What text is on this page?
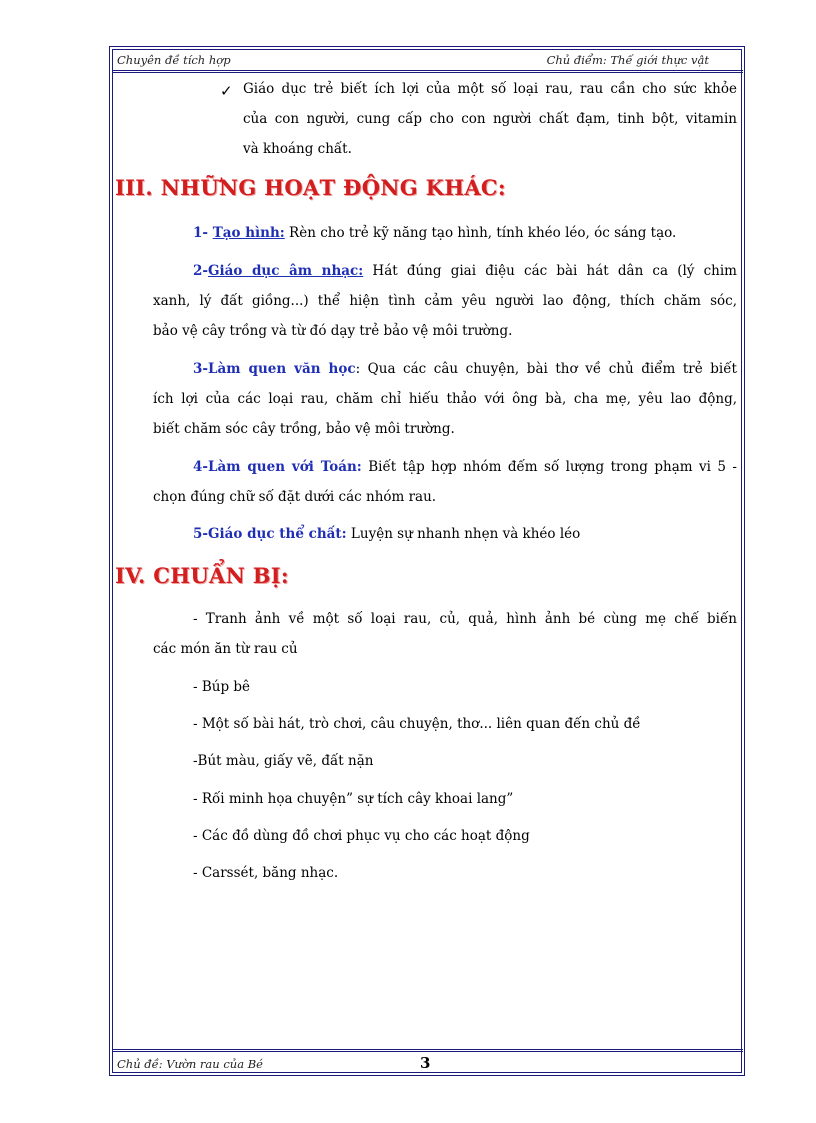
Chuyên đề tích hợp	Chủ điểm: Thế giới thực vật
✓ Giáo dục trẻ biết ích lợi của một số loại rau, rau cần cho sức khỏe
của con người, cung cấp cho con người chất đạm, tinh bột, vitamin
và khoáng chất.
III. NHỮNG HOẠT ĐỘNG KHÁC:
1- Tạo hình: Rèn cho trẻ kỹ năng tạo hình, tính khéo léo, óc sáng tạo.
2-Giáo dục âm nhạc: Hát đúng giai điệu các bài hát dân ca (lý chim
xanh, lý đất giồng...) thể hiện tình cảm yêu người lao động, thích chăm sóc,
bảo vệ cây trồng và từ đó dạy trẻ bảo vệ môi trường.
3-Làm quen văn học: Qua các câu chuyện, bài thơ về chủ điểm trẻ biết
ích lợi của các loại rau, chăm chỉ hiếu thảo với ông bà, cha mẹ, yêu lao động,
biết chăm sóc cây trồng, bảo vệ môi trường.
4-Làm quen với Toán: Biết tập hợp nhóm đếm số lượng trong phạm vi 5 -
chọn đúng chữ số đặt dưới các nhóm rau.
5-Giáo dục thể chất: Luyện sự nhanh nhẹn và khéo léo
IV. CHUẨN BỊ:
- Tranh ảnh về một số loại rau, củ, quả, hình ảnh bé cùng mẹ chế biến
các món ăn từ rau củ
- Búp bê
- Một số bài hát, trò chơi, câu chuyện, thơ... liên quan đến chủ đề
-Bút màu, giấy vẽ, đất nặn
- Rối minh họa chuyện” sự tích cây khoai lang”
- Các đồ dùng đồ chơi phục vụ cho các hoạt động
- Carssét, băng nhạc.
Chủ đề: Vườn rau của Bé	3
